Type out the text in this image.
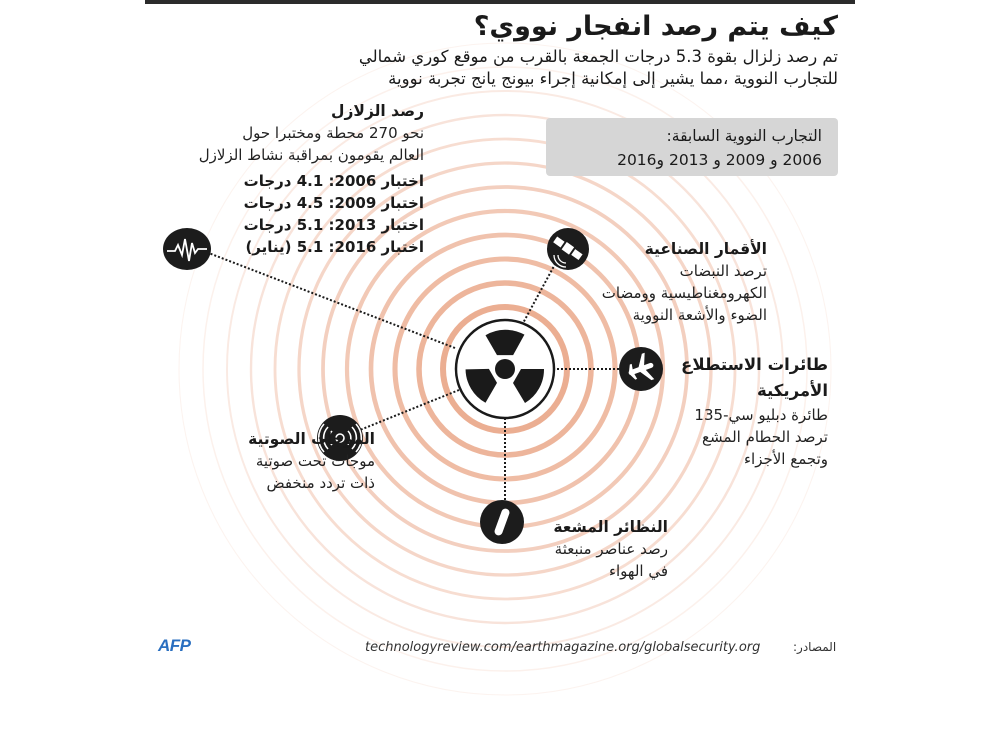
كيف يتم رصد انفجار نووي؟
تم رصد زلزال بقوة 5.3 درجات الجمعة بالقرب من موقع كوري شمالي
للتجارب النووية ،مما يشير إلى إمكانية إجراء بيونج يانج تجربة نووية
التجارب النووية السابقة:
2006 و 2009 و 2013 و2016
رصد الزلازل
نحو 270 محطة ومختبرا حول
العالم يقومون بمراقبة نشاط الزلازل
اختبار 2006: 4.1 درجات
اختبار 2009: 4.5 درجات
اختبار 2013: 5.1 درجات
اختبار 2016: 5.1 (يناير)	الأقمار الصناعية
ترصد النبضات
الكهرومغناطيسية وومضات
الضوء والأشعة النووية
طائرات الاستطلاع
الأمريكية
طائرة دبليو سي-135
ترصد الحطام المشع
وتجمع الأجزاء
الموجات الصوتية
موجات تحت صوتية
ذات تردد منخفض
النظائر المشعة
رصد عناصر منبعثة
في الهواء
AFP	technologyreview.com/earthmagazine.org/globalsecurity.org	المصادر:
